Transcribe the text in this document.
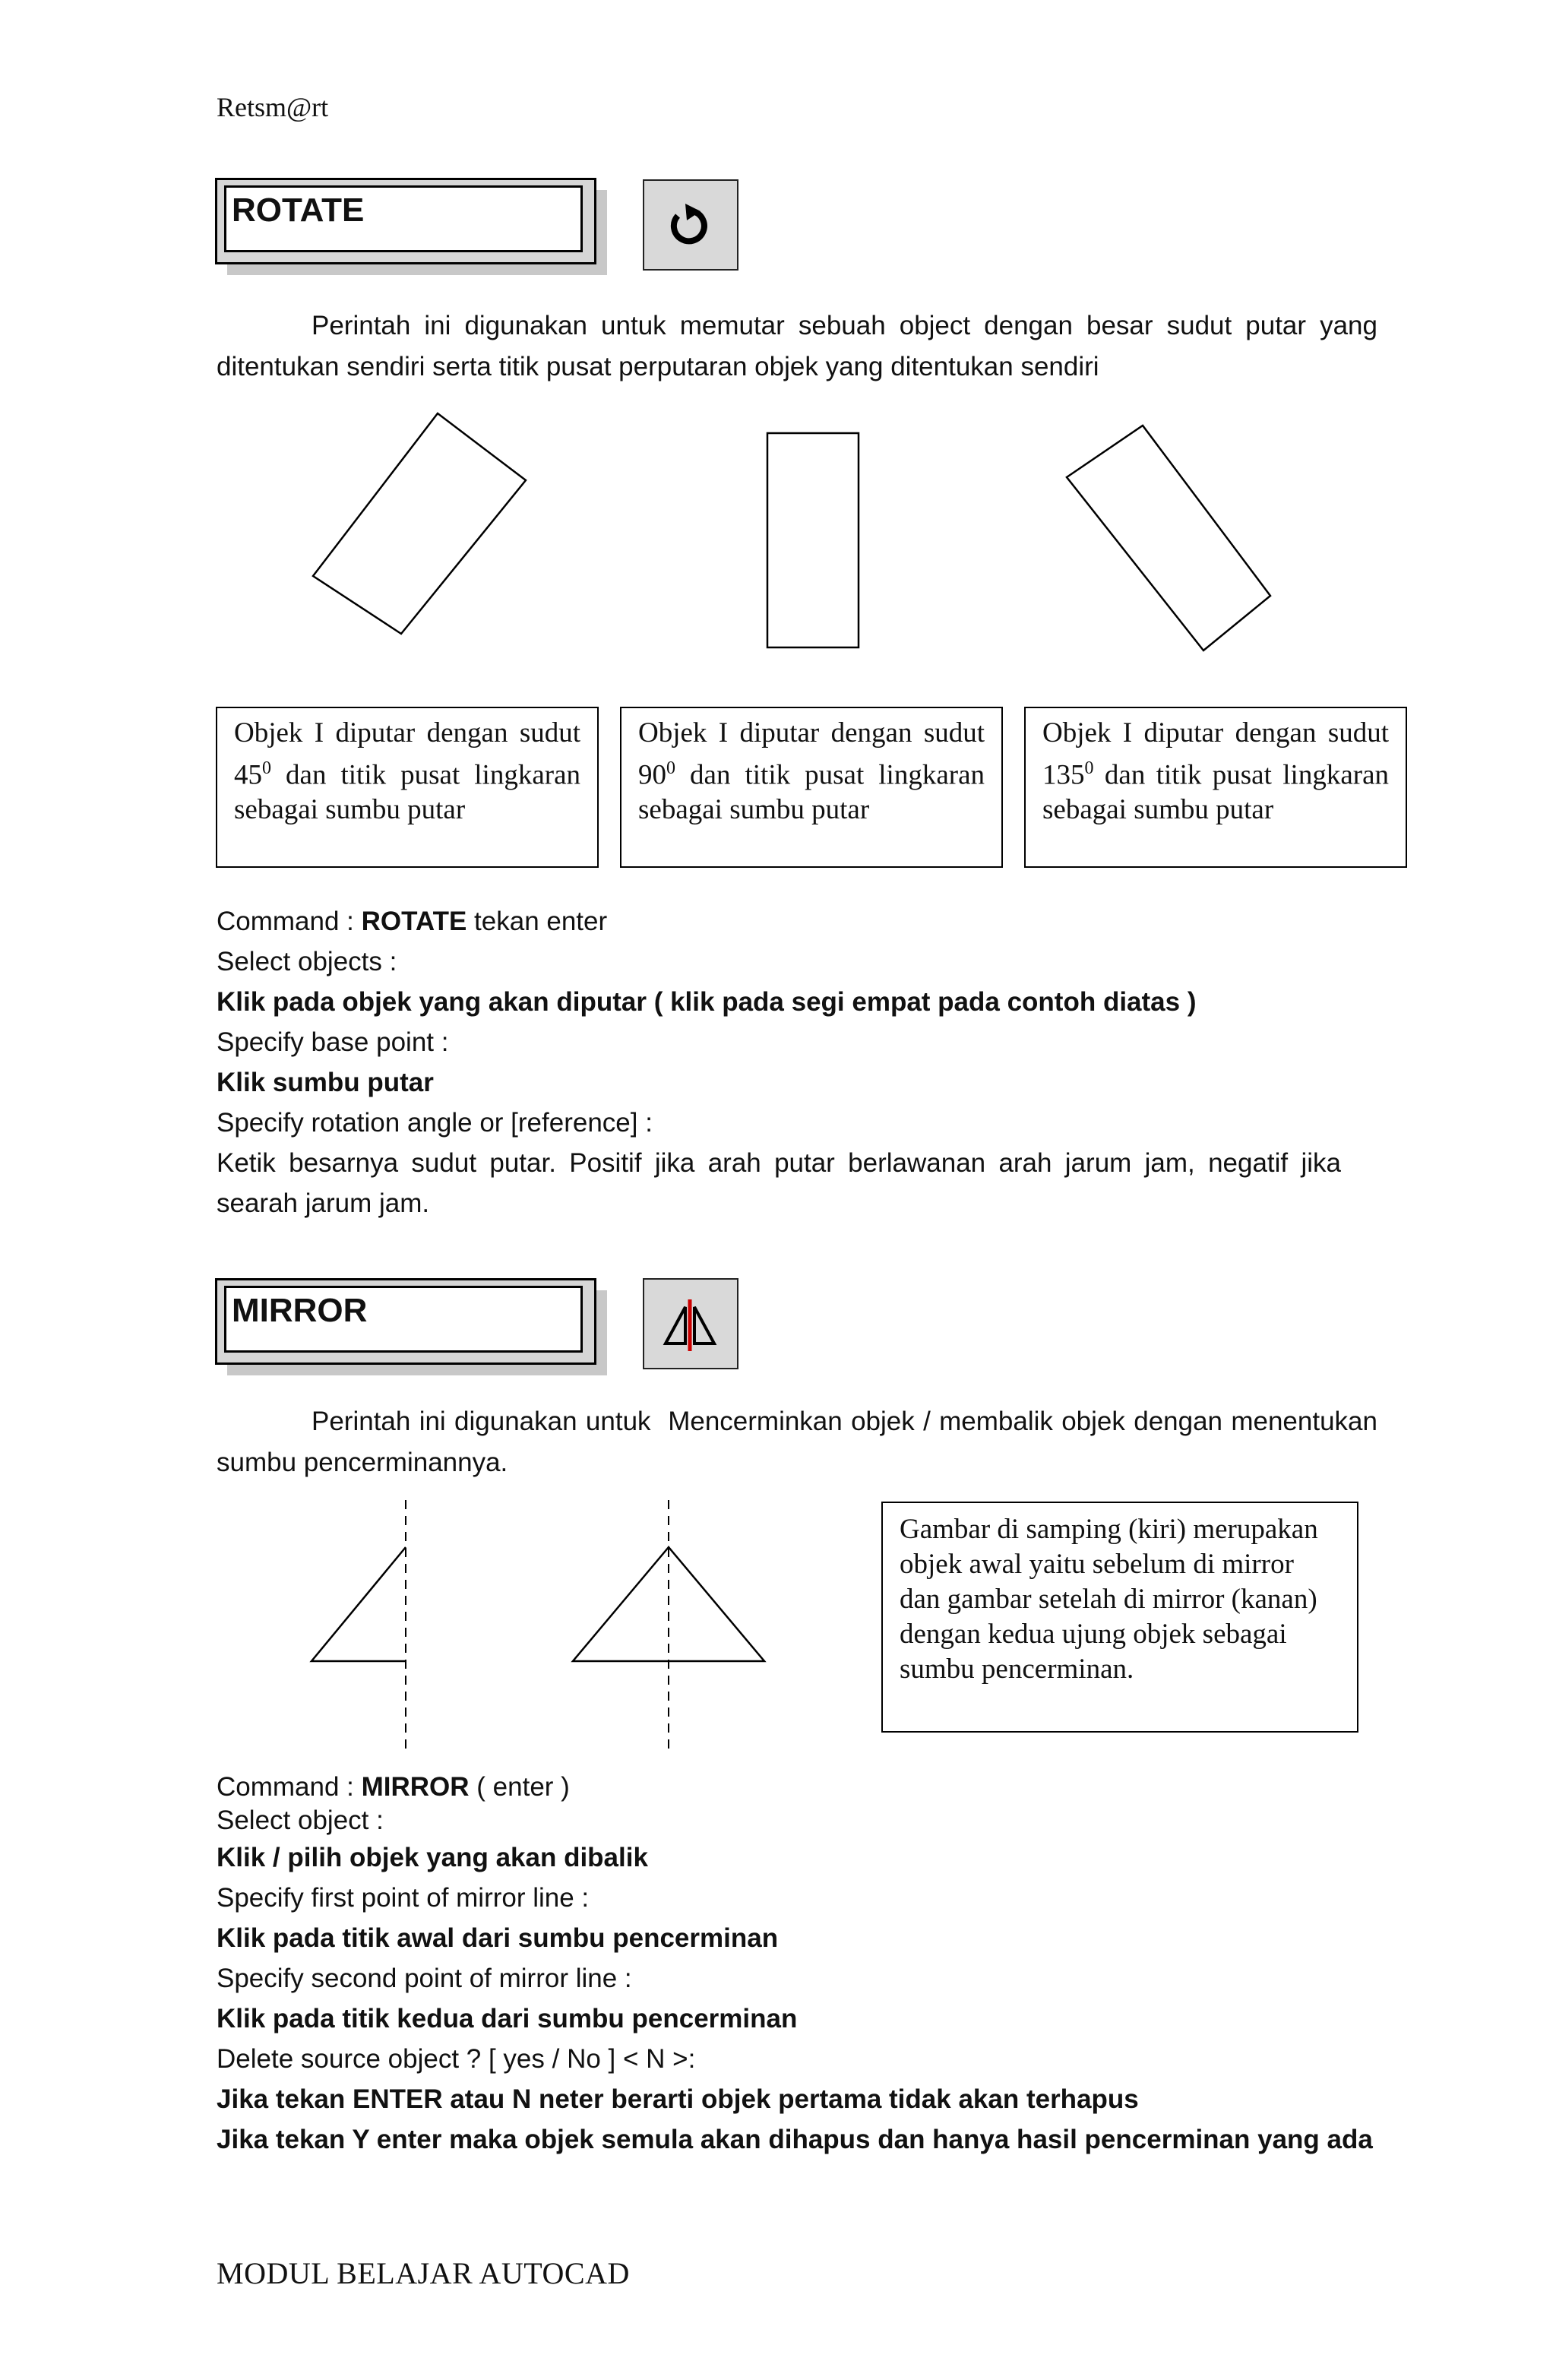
Retsm@rt
ROTATE
Perintah ini digunakan untuk memutar sebuah object dengan besar sudut putar yang ditentukan sendiri serta titik pusat perputaran objek yang ditentukan sendiri
Objek I diputar dengan sudut $45^0$ dan titik pusat lingkaran sebagai sumbu putar
Objek I diputar dengan sudut $90^0$ dan titik pusat lingkaran sebagai sumbu putar
Objek I diputar dengan sudut $135^0$ dan titik pusat lingkaran sebagai sumbu putar
Command : ROTATE tekan enter
Select objects :
Klik pada objek yang akan diputar ( klik pada segi empat pada contoh diatas )
Specify base point :
Klik sumbu putar
Specify rotation angle or [reference] :
Ketik besarnya sudut putar. Positif jika arah putar berlawanan arah jarum jam, negatif jika searah jarum jam.
MIRROR
Perintah ini digunakan untuk Mencerminkan objek / membalik objek dengan menentukan sumbu pencerminannya.
Gambar di samping (kiri) merupakan objek awal yaitu sebelum di mirror dan gambar setelah di mirror (kanan) dengan kedua ujung objek sebagai sumbu pencerminan.
Command : MIRROR ( enter )
Select object :
Klik / pilih objek yang akan dibalik
Specify first point of mirror line :
Klik pada titik awal dari sumbu pencerminan
Specify second point of mirror line :
Klik pada titik kedua dari sumbu pencerminan
Delete source object ? [ yes / No ] < N >:
Jika tekan ENTER atau N neter berarti objek pertama tidak akan terhapus
Jika tekan Y enter maka objek semula akan dihapus dan hanya hasil pencerminan yang ada
MODUL BELAJAR AUTOCAD
